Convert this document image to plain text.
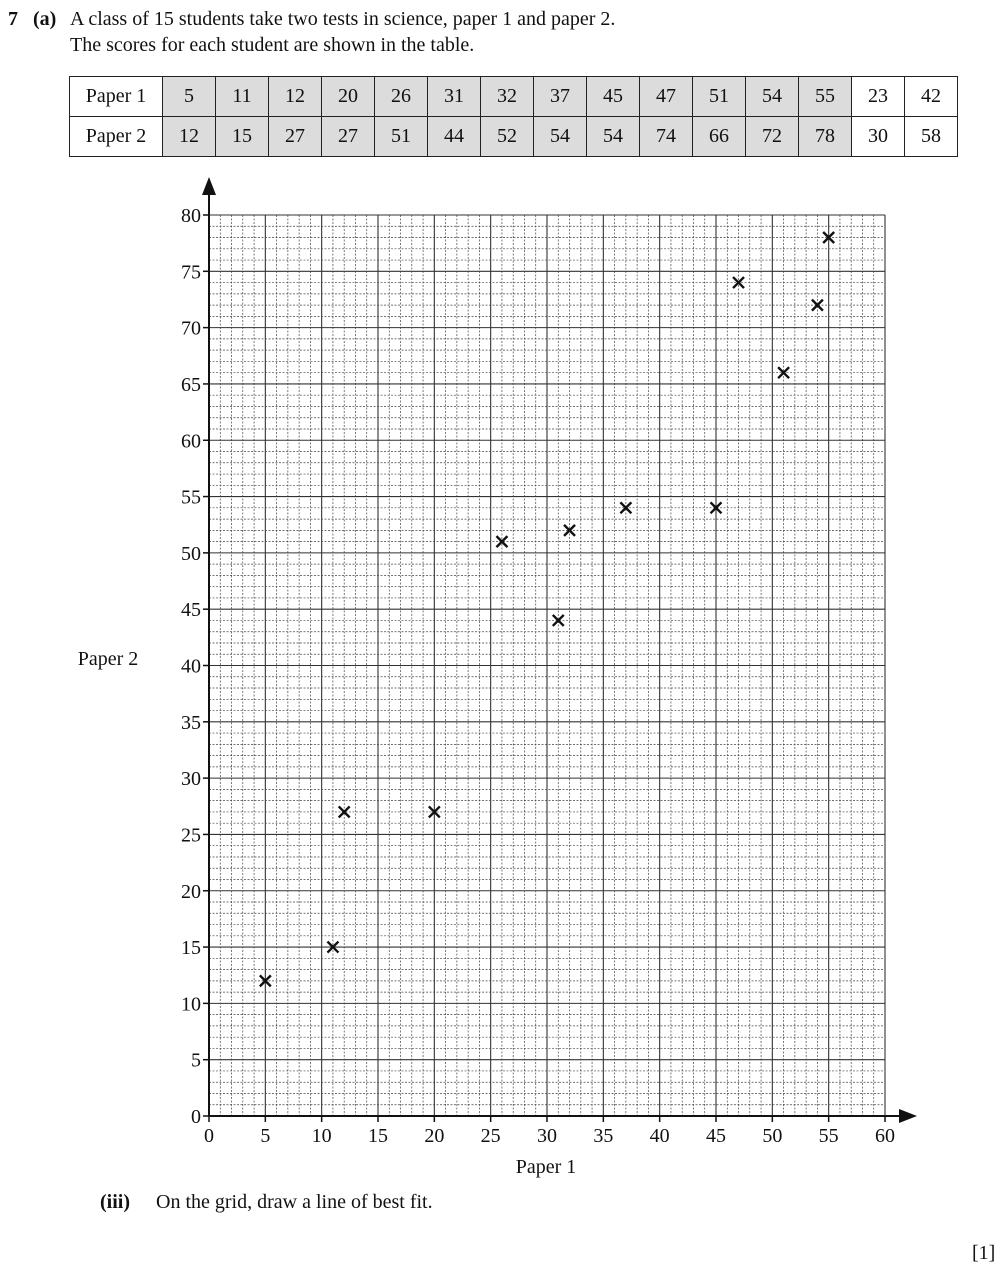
7 (a) A class of 15 students take two tests in science, paper 1 and paper 2.
The scores for each student are shown in the table.
Paper 1	5	11	12	20	26	31	32	37	45	47	51	54	55	23	42
Paper 2	12	15	27	27	51	44	52	54	54	74	66	72	78	30	58
0 5 10 15 20 25 30 35 40 45 50 55 60
0
5
10
15
20
25
30
35
40
45
50
55
60
65
70
75
80
Paper 1
Paper 2
(iii) On the grid, draw a line of best fit.
[1]
